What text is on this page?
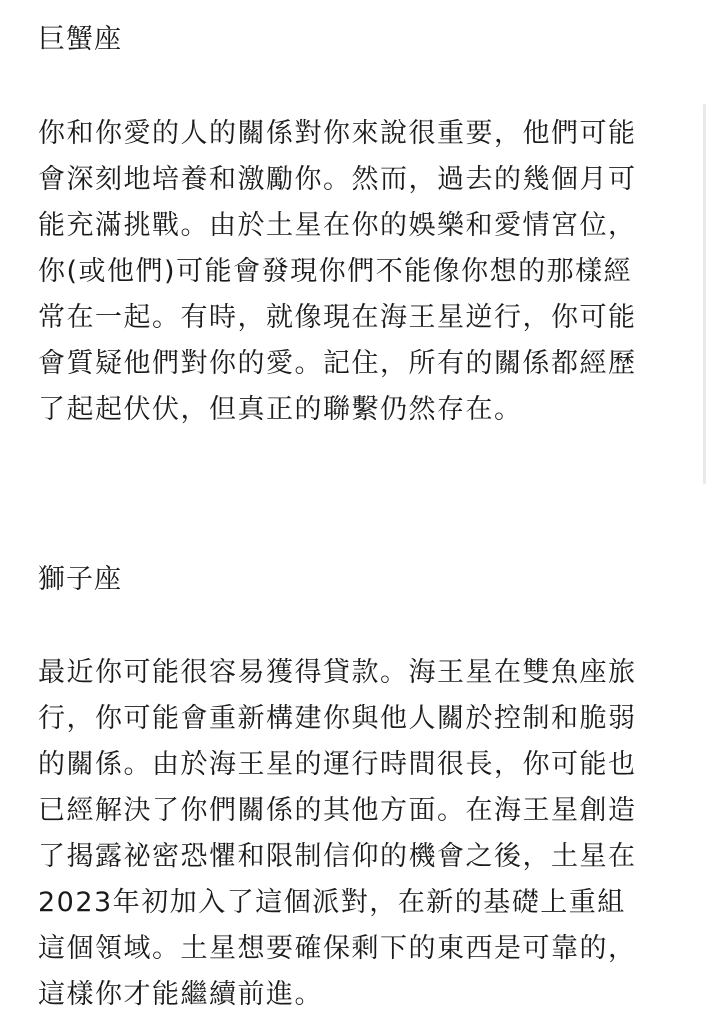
巨蟹座

你和你愛的人的關係對你來說很重要，他們可能
會深刻地培養和激勵你。然而，過去的幾個月可
能充滿挑戰。由於土星在你的娛樂和愛情宮位，
你(或他們)可能會發現你們不能像你想的那樣經
常在一起。有時，就像現在海王星逆行，你可能
會質疑他們對你的愛。記住，所有的關係都經歷
了起起伏伏，但真正的聯繫仍然存在。

獅子座

最近你可能很容易獲得貸款。海王星在雙魚座旅
行，你可能會重新構建你與他人關於控制和脆弱
的關係。由於海王星的運行時間很長，你可能也
已經解決了你們關係的其他方面。在海王星創造
了揭露祕密恐懼和限制信仰的機會之後，土星在
2023年初加入了這個派對，在新的基礎上重組
這個領域。土星想要確保剩下的東西是可靠的，
這樣你才能繼續前進。
